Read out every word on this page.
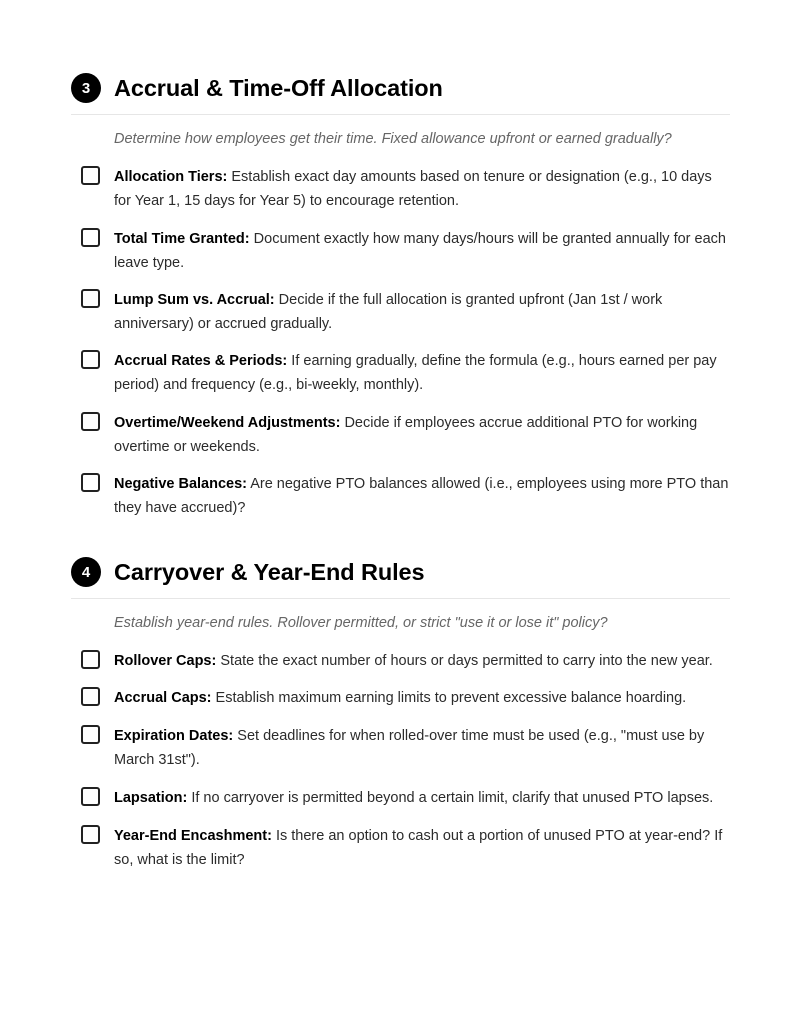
3	Accrual & Time-Off Allocation
Determine how employees get their time. Fixed allowance upfront or earned gradually?
Allocation Tiers: Establish exact day amounts based on tenure or designation (e.g., 10 days for Year 1, 15 days for Year 5) to encourage retention.
Total Time Granted: Document exactly how many days/hours will be granted annually for each leave type.
Lump Sum vs. Accrual: Decide if the full allocation is granted upfront (Jan 1st / work anniversary) or accrued gradually.
Accrual Rates & Periods: If earning gradually, define the formula (e.g., hours earned per pay period) and frequency (e.g., bi-weekly, monthly).
Overtime/Weekend Adjustments: Decide if employees accrue additional PTO for working overtime or weekends.
Negative Balances: Are negative PTO balances allowed (i.e., employees using more PTO than they have accrued)?
4	Carryover & Year-End Rules
Establish year-end rules. Rollover permitted, or strict "use it or lose it" policy?
Rollover Caps: State the exact number of hours or days permitted to carry into the new year.
Accrual Caps: Establish maximum earning limits to prevent excessive balance hoarding.
Expiration Dates: Set deadlines for when rolled-over time must be used (e.g., "must use by March 31st").
Lapsation: If no carryover is permitted beyond a certain limit, clarify that unused PTO lapses.
Year-End Encashment: Is there an option to cash out a portion of unused PTO at year-end? If so, what is the limit?
